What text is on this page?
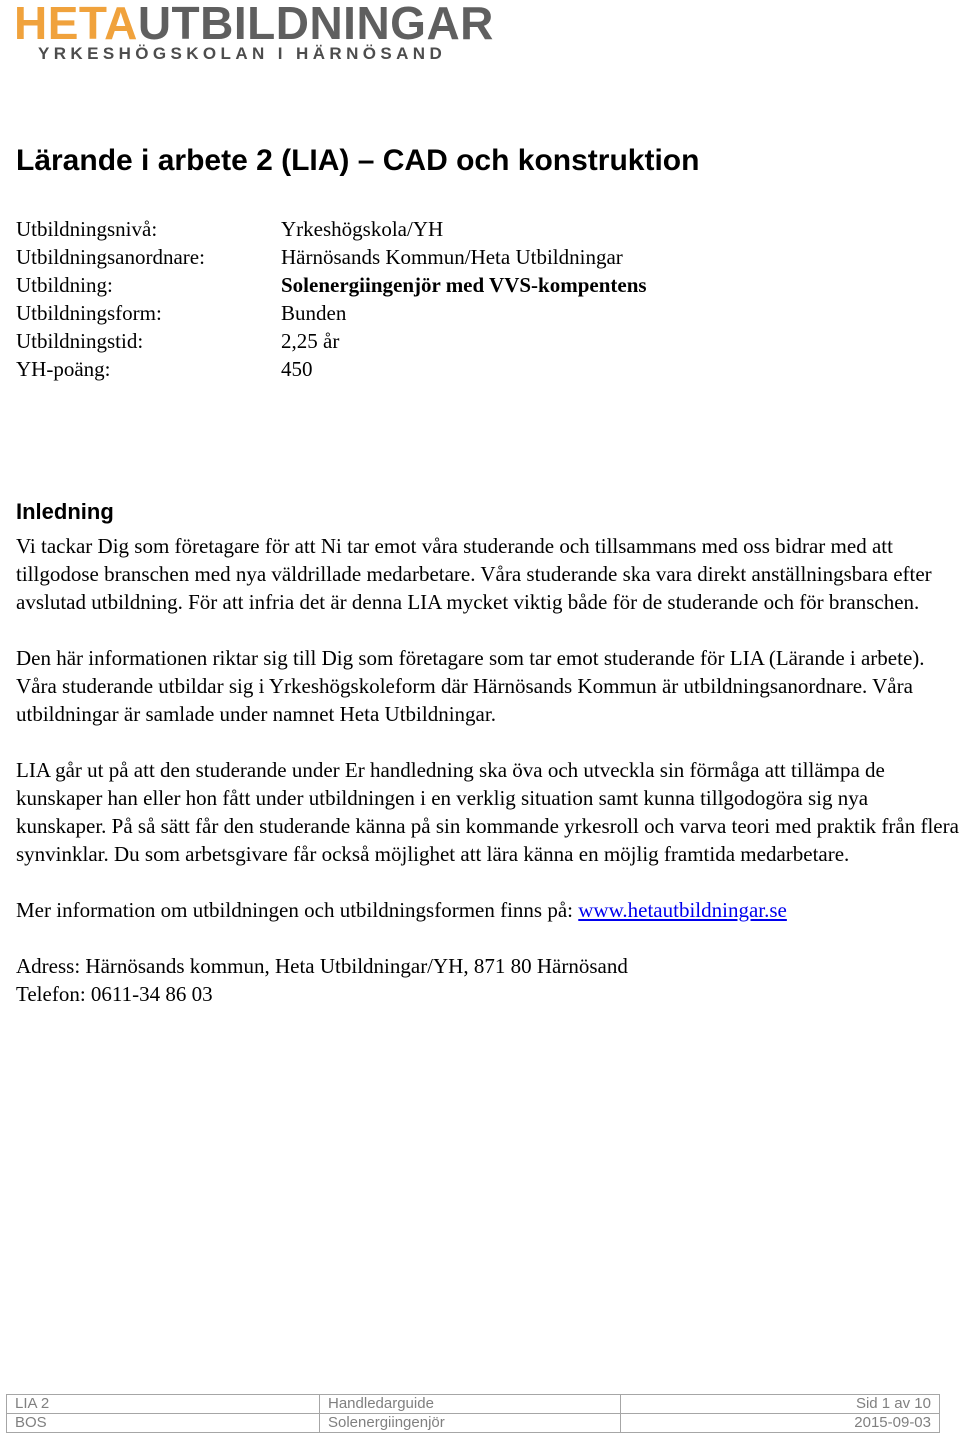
HETAUTBILDNINGAR
YRKESHÖGSKOLAN I HÄRNÖSAND
Lärande i arbete 2 (LIA) – CAD och konstruktion
Utbildningsnivå:	Yrkeshögskola/YH
Utbildningsanordnare:	Härnösands Kommun/Heta Utbildningar
Utbildning:	Solenergiingenjör med VVS-kompentens
Utbildningsform:	Bunden
Utbildningstid:	2,25 år
YH-poäng:	450
Inledning

Vi tackar Dig som företagare för att Ni tar emot våra studerande och tillsammans med oss bidrar med att tillgodose branschen med nya väldrillade medarbetare. Våra studerande ska vara direkt anställningsbara efter avslutad utbildning. För att infria det är denna LIA mycket viktig både för de studerande och för branschen.

Den här informationen riktar sig till Dig som företagare som tar emot studerande för LIA (Lärande i arbete). Våra studerande utbildar sig i Yrkeshögskoleform där Härnösands Kommun är utbildningsanordnare. Våra utbildningar är samlade under namnet Heta Utbildningar.

LIA går ut på att den studerande under Er handledning ska öva och utveckla sin förmåga att tillämpa de kunskaper han eller hon fått under utbildningen i en verklig situation samt kunna tillgodogöra sig nya kunskaper. På så sätt får den studerande känna på sin kommande yrkesroll och varva teori med praktik från flera synvinklar. Du som arbetsgivare får också möjlighet att lära känna en möjlig framtida medarbetare.

Mer information om utbildningen och utbildningsformen finns på: www.hetautbildningar.se

Adress: Härnösands kommun, Heta Utbildningar/YH, 871 80 Härnösand

Telefon: 0611-34 86 03

LIA 2	Handledarguide	Sid 1 av 10
BOS	Solenergiingenjör	2015-09-03
